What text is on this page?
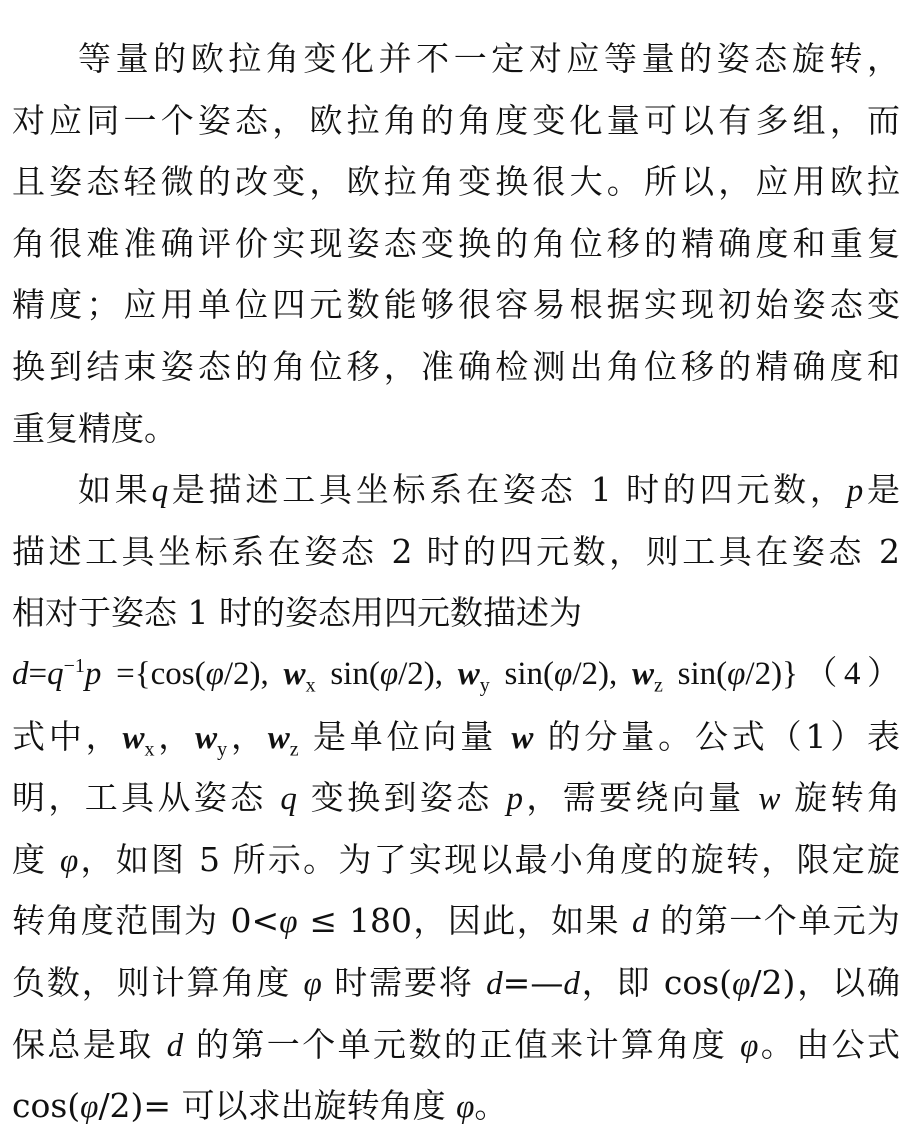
等量的欧拉角变化并不一定对应等量的姿态旋转，
对应同一个姿态，欧拉角的角度变化量可以有多组，而
且姿态轻微的改变，欧拉角变换很大。所以，应用欧拉
角很难准确评价实现姿态变换的角位移的精确度和重复
精度；应用单位四元数能够很容易根据实现初始姿态变
换到结束姿态的角位移，准确检测出角位移的精确度和
重复精度。
如果q是描述工具坐标系在姿态 1 时的四元数，p是
描述工具坐标系在姿态 2 时的四元数，则工具在姿态 2
相对于姿态 1 时的姿态用四元数描述为
$d=q^{-1}p =\{\cos(\varphi/2)$, $w_x$ sin(φ/2), $w_y$ sin(φ/2), $w_z$ sin(φ/2)}（4）
式中，$w_x$，$w_y$，$w_z$ 是单位向量 w 的分量。公式（1）表
明，工具从姿态 q 变换到姿态 p，需要绕向量 w 旋转角
度 φ，如图 5 所示。为了实现以最小角度的旋转，限定旋
转角度范围为 0<φ ≤ 180，因此，如果 d 的第一个单元为
负数，则计算角度 φ 时需要将 d=—d，即 cos(φ/2)，以确
保总是取 d 的第一个单元数的正值来计算角度 φ。由公式
cos(φ/2)= 可以求出旋转角度 φ。
